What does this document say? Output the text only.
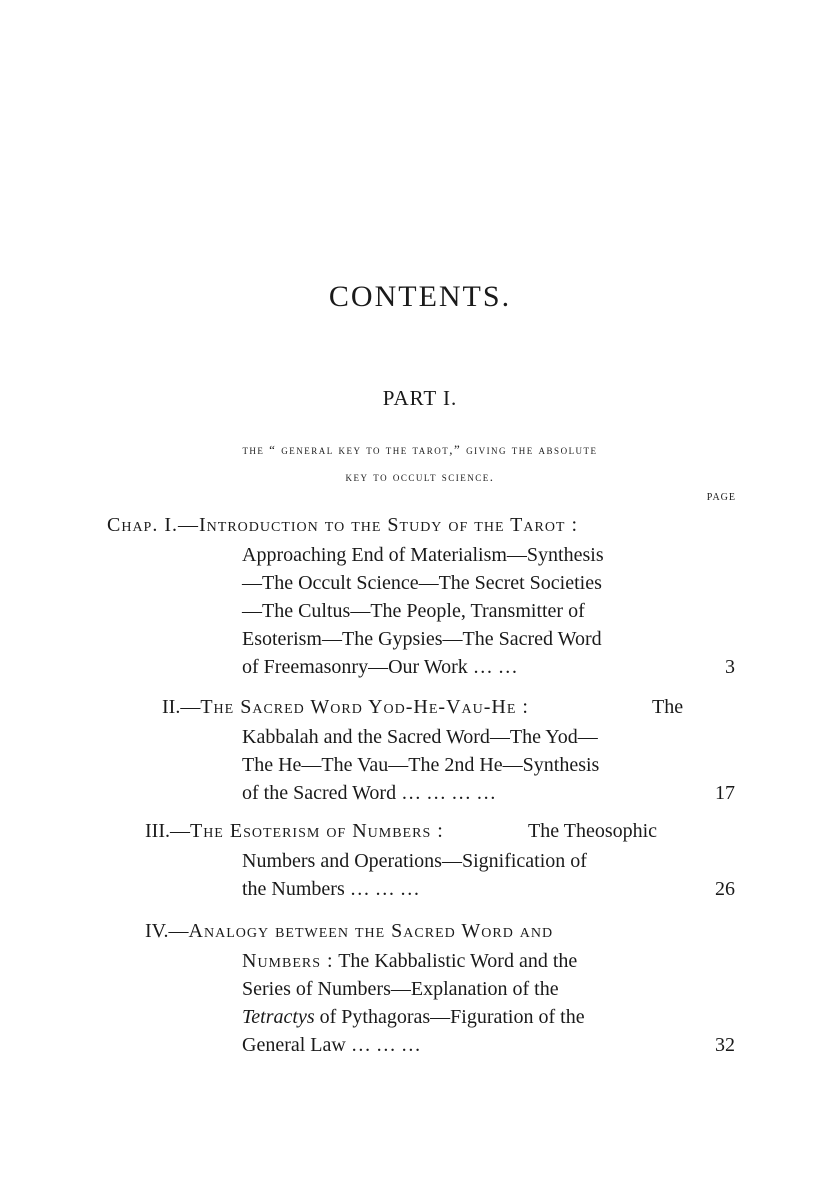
CONTENTS.
PART I.
the “ general key to the tarot,” giving the absolute
key to occult science.
PAGE
Chap. I.—Introduction to the Study of the Tarot :
Approaching End of Materialism—Synthesis
—The Occult Science—The Secret Societies
—The Cultus—The People, Transmitter of
Esoterism—The Gypsies—The Sacred Word
of Freemasonry—Our Work … …	3
II.—The Sacred Word Yod-He-Vau-He :	The
Kabbalah and the Sacred Word—The Yod—
The He—The Vau—The 2nd He—Synthesis
of the Sacred Word … … … …	17
III.—The Esoterism of Numbers :	The Theosophic
Numbers and Operations—Signification of
the Numbers … … …	26
IV.—Analogy between the Sacred Word and
Numbers : The Kabbalistic Word and the
Series of Numbers—Explanation of the
Tetractys of Pythagoras—Figuration of the
General Law … … …	32
